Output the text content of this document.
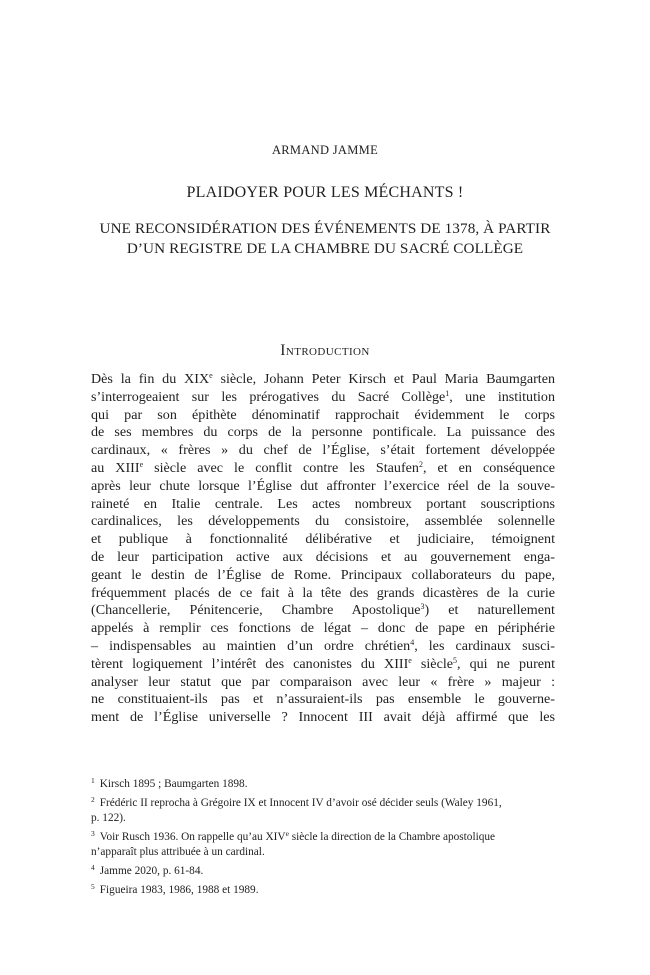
ARMAND JAMME
PLAIDOYER POUR LES MÉCHANTS !
UNE RECONSIDÉRATION DES ÉVÉNEMENTS DE 1378, À PARTIR
D’UN REGISTRE DE LA CHAMBRE DU SACRÉ COLLÈGE
Introduction
Dès la fin du XIXe siècle, Johann Peter Kirsch et Paul Maria Baumgarten
s’interrogeaient sur les prérogatives du Sacré Collège$^1$, une institution
qui par son épithète dénominatif rapprochait évidemment le corps
de ses membres du corps de la personne pontificale. La puissance des
cardinaux, « frères » du chef de l’Église, s’était fortement développée
au XIIIe siècle avec le conflit contre les Staufen$^2$, et en conséquence
après leur chute lorsque l’Église dut affronter l’exercice réel de la souve-
raineté en Italie centrale. Les actes nombreux portant souscriptions
cardinalices, les développements du consistoire, assemblée solennelle
et publique à fonctionnalité délibérative et judiciaire, témoignent
de leur participation active aux décisions et au gouvernement enga-
geant le destin de l’Église de Rome. Principaux collaborateurs du pape,
fréquemment placés de ce fait à la tête des grands dicastères de la curie
(Chancellerie, Pénitencerie, Chambre Apostolique$^3$) et naturellement
appelés à remplir ces fonctions de légat – donc de pape en périphérie
– indispensables au maintien d’un ordre chrétien$^4$, les cardinaux susci-
tèrent logiquement l’intérêt des canonistes du XIIIe siècle$^5$, qui ne purent
analyser leur statut que par comparaison avec leur « frère » majeur :
ne constituaient-ils pas et n’assuraient-ils pas ensemble le gouverne-
ment de l’Église universelle ? Innocent III avait déjà affirmé que les
$^1$ Kirsch 1895 ; Baumgarten 1898.
$^2$ Frédéric II reprocha à Grégoire IX et Innocent IV d’avoir osé décider seuls (Waley 1961,
p. 122).
$^3$ Voir Rusch 1936. On rappelle qu’au XIVe siècle la direction de la Chambre apostolique
n’apparaît plus attribuée à un cardinal.
$^4$ Jamme 2020, p. 61-84.
$^5$ Figueira 1983, 1986, 1988 et 1989.
